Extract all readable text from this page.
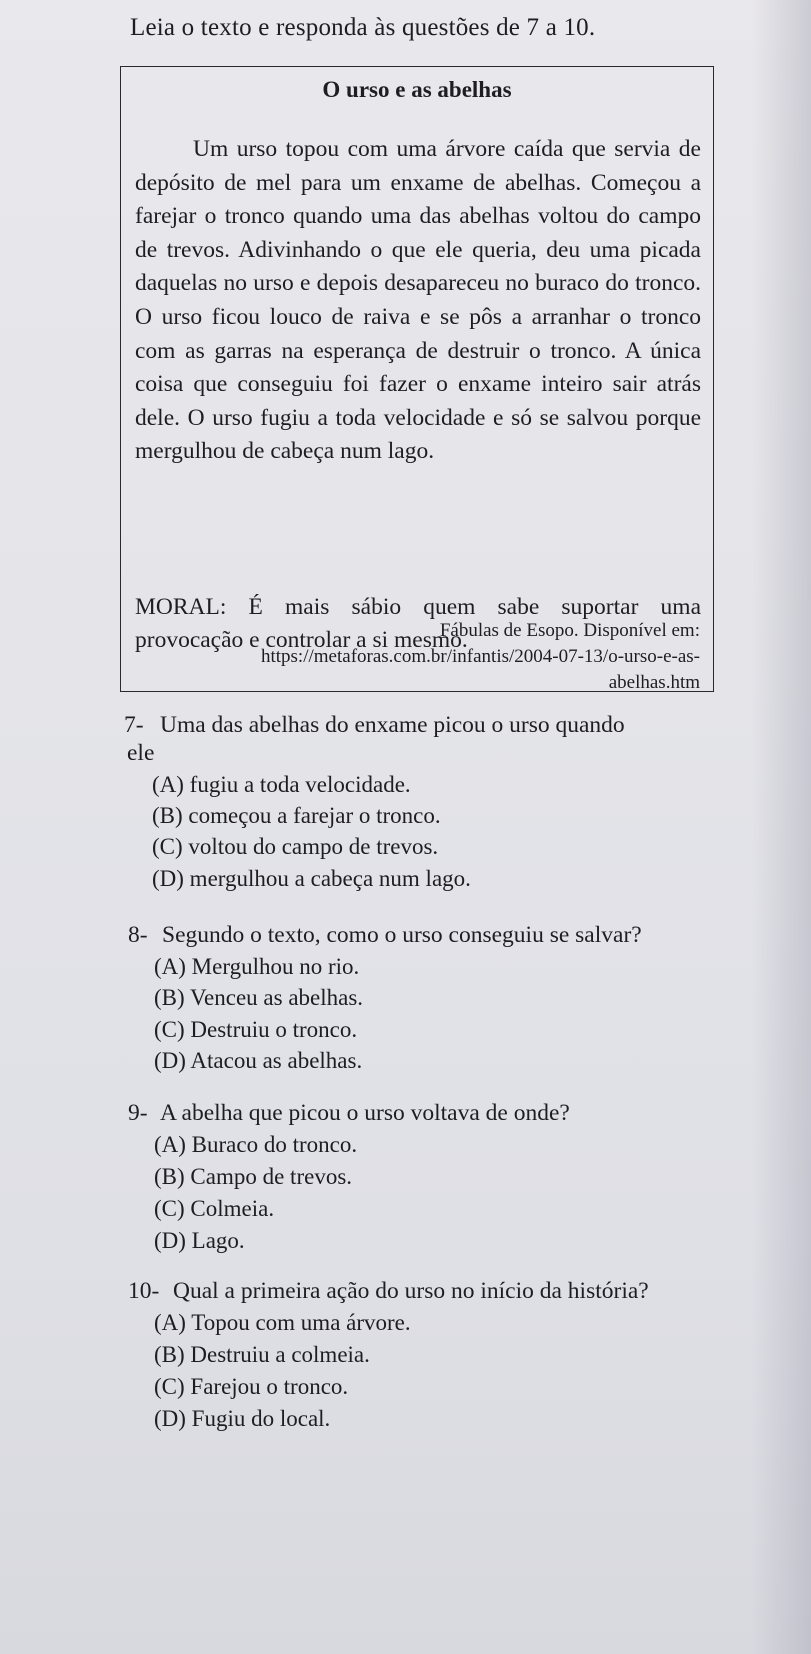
Leia o texto e responda às questões de 7 a 10.
O urso e as abelhas

Um urso topou com uma árvore caída que servia de depósito de mel para um enxame de abelhas. Começou a farejar o tronco quando uma das abelhas voltou do campo de trevos. Adivinhando o que ele queria, deu uma picada daquelas no urso e depois desapareceu no buraco do tronco. O urso ficou louco de raiva e se pôs a arranhar o tronco com as garras na esperança de destruir o tronco. A única coisa que conseguiu foi fazer o enxame inteiro sair atrás dele. O urso fugiu a toda velocidade e só se salvou porque mergulhou de cabeça num lago.

MORAL: É mais sábio quem sabe suportar uma provocação e controlar a si mesmo.

Fábulas de Esopo. Disponível em:
https://metaforas.com.br/infantis/2004-07-13/o-urso-e-as-
abelhas.htm
7- Uma das abelhas do enxame picou o urso quando
ele
(A) fugiu a toda velocidade.
(B) começou a farejar o tronco.
(C) voltou do campo de trevos.
(D) mergulhou a cabeça num lago.
8- Segundo o texto, como o urso conseguiu se salvar?
(A) Mergulhou no rio.
(B) Venceu as abelhas.
(C) Destruiu o tronco.
(D) Atacou as abelhas.
9- A abelha que picou o urso voltava de onde?
(A) Buraco do tronco.
(B) Campo de trevos.
(C) Colmeia.
(D) Lago.
10- Qual a primeira ação do urso no início da história?
(A) Topou com uma árvore.
(B) Destruiu a colmeia.
(C) Farejou o tronco.
(D) Fugiu do local.
